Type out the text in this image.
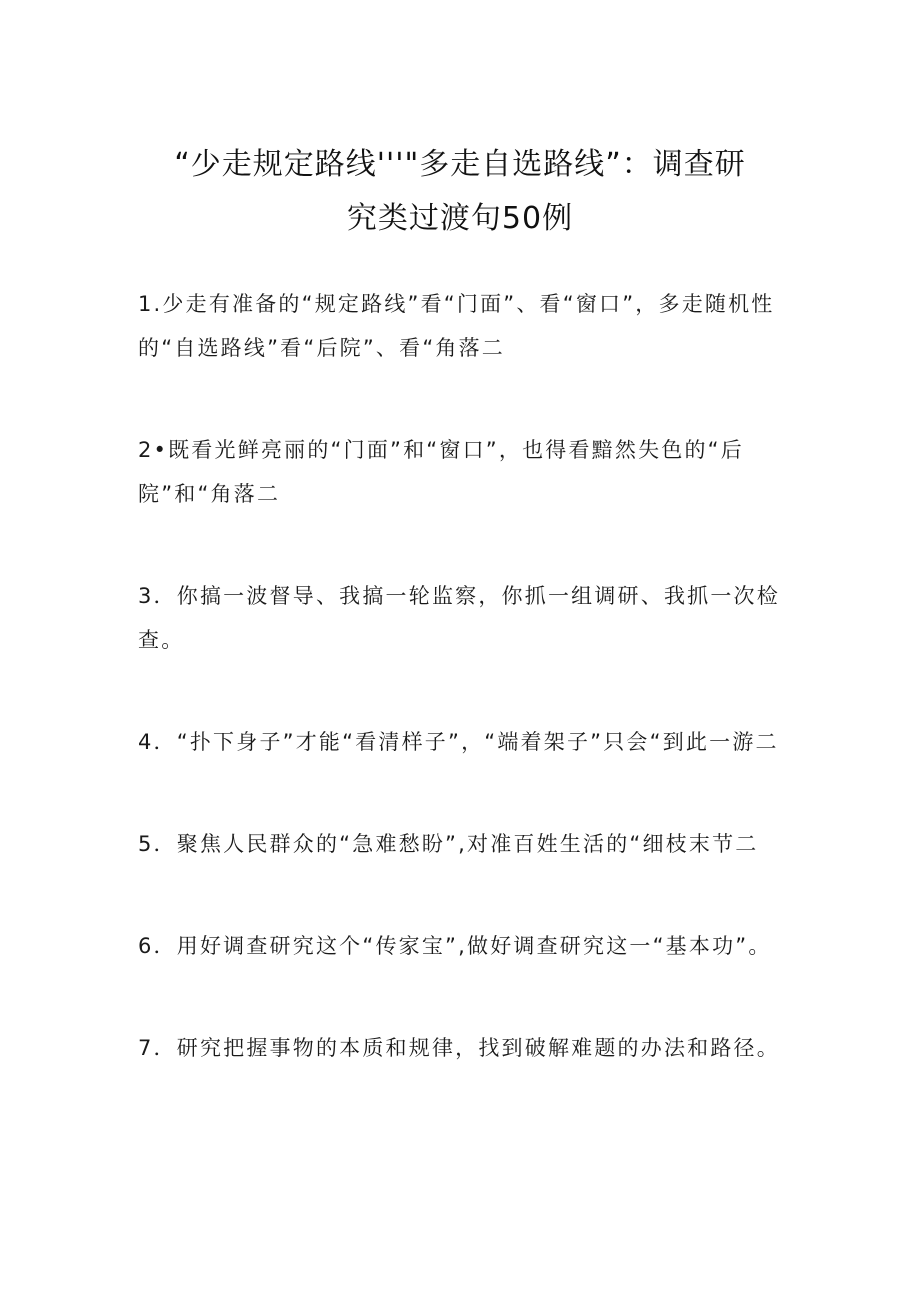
“少走规定路线'''"多走自选路线”：调查研
究类过渡句50例

1.少走有准备的“规定路线”看“门面”、看“窗口”，多走随机性的“自选路线”看“后院”、看“角落二

2•既看光鲜亮丽的“门面”和“窗口”，也得看黯然失色的“后院”和“角落二

3．你搞一波督导、我搞一轮监察，你抓一组调研、我抓一次检查。

4．“扑下身子”才能“看清样子”，“端着架子”只会“到此一游二

5．聚焦人民群众的“急难愁盼”,对准百姓生活的“细枝末节二

6．用好调查研究这个“传家宝”,做好调查研究这一“基本功”。

7．研究把握事物的本质和规律，找到破解难题的办法和路径。
